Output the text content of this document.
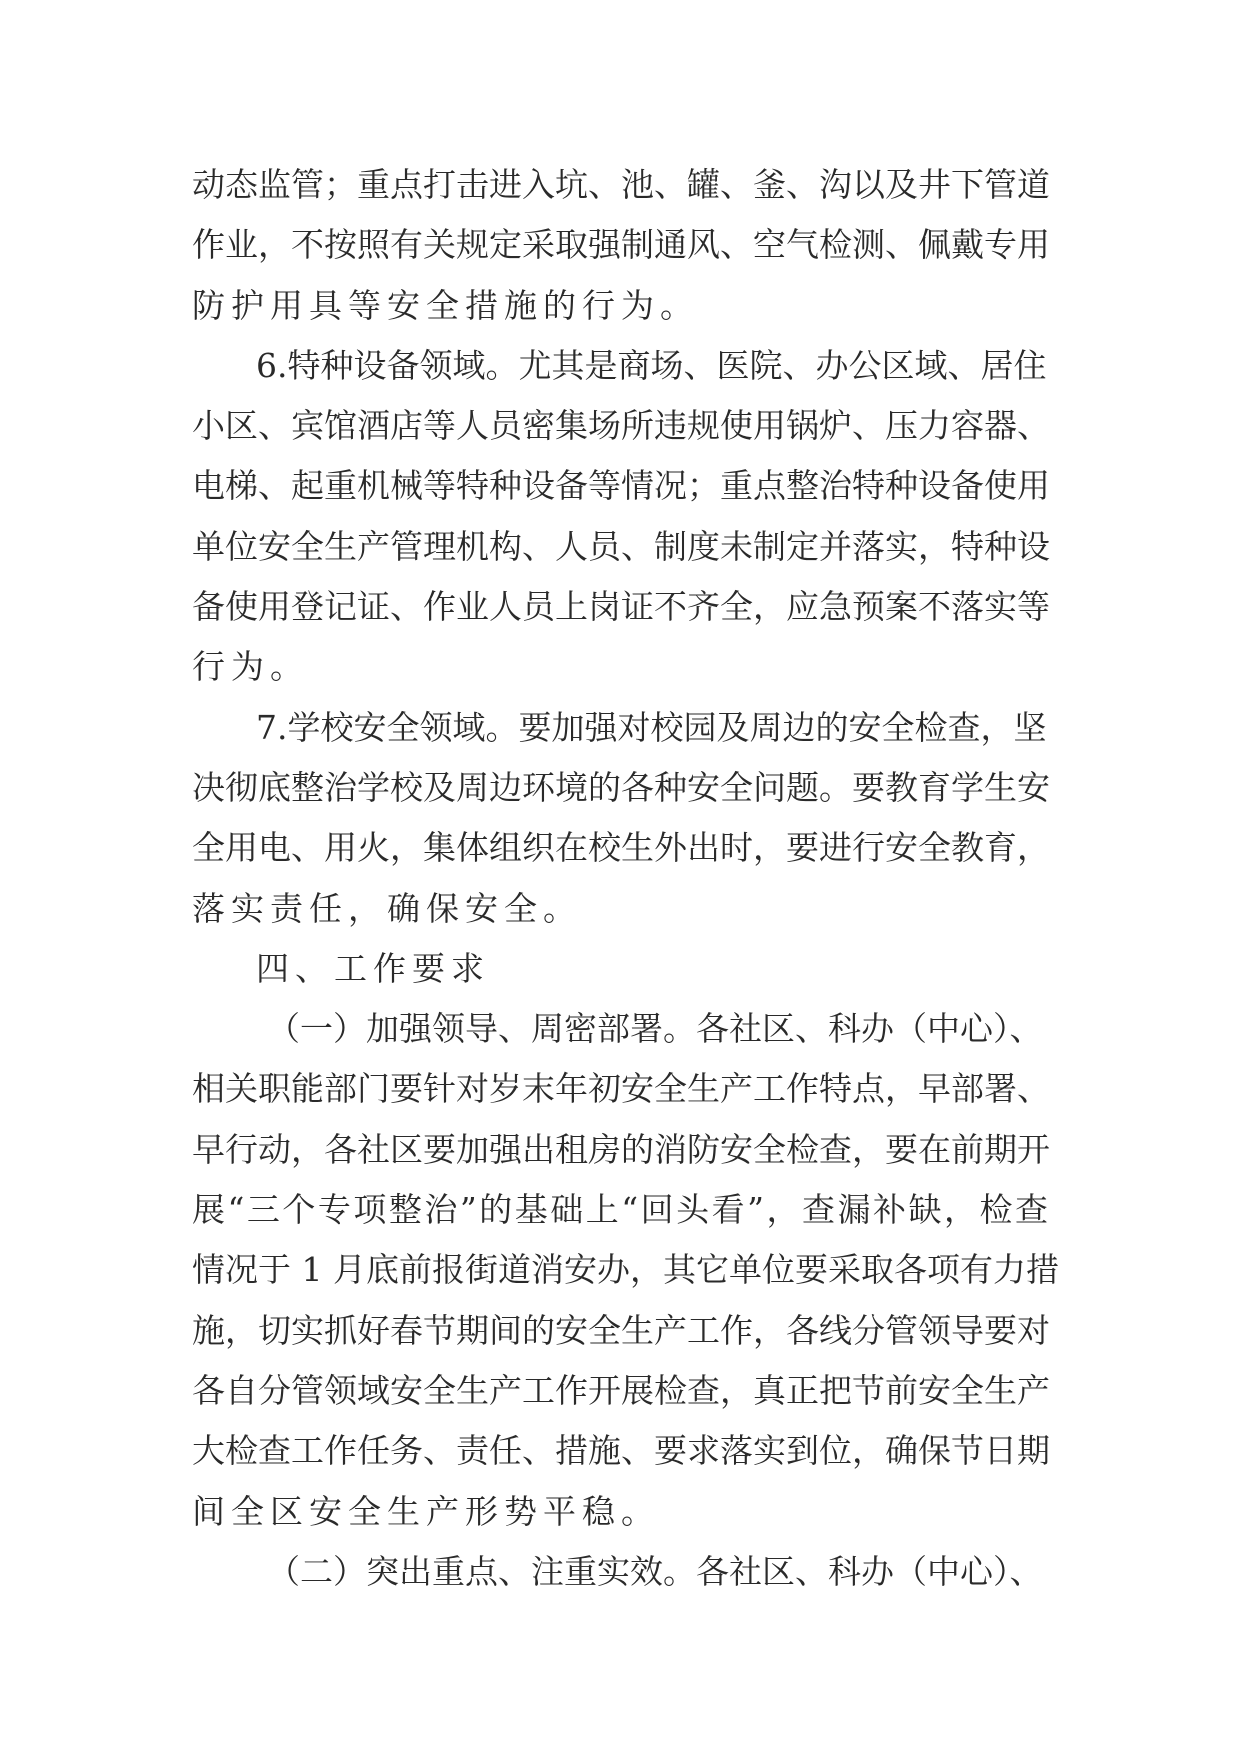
动态监管；重点打击进入坑、池、罐、釜、沟以及井下管道
作业，不按照有关规定采取强制通风、空气检测、佩戴专用
防护用具等安全措施的行为。
6.特种设备领域。尤其是商场、医院、办公区域、居住
小区、宾馆酒店等人员密集场所违规使用锅炉、压力容器、
电梯、起重机械等特种设备等情况；重点整治特种设备使用
单位安全生产管理机构、人员、制度未制定并落实，特种设
备使用登记证、作业人员上岗证不齐全，应急预案不落实等
行为。
7.学校安全领域。要加强对校园及周边的安全检查，坚
决彻底整治学校及周边环境的各种安全问题。要教育学生安
全用电、用火，集体组织在校生外出时，要进行安全教育，
落实责任，确保安全。
四、工作要求
（一）加强领导、周密部署。各社区、科办（中心）、
相关职能部门要针对岁末年初安全生产工作特点，早部署、
早行动，各社区要加强出租房的消防安全检查，要在前期开
展“三个专项整治”的基础上“回头看”，查漏补缺，检查
情况于 1 月底前报街道消安办，其它单位要采取各项有力措
施，切实抓好春节期间的安全生产工作，各线分管领导要对
各自分管领域安全生产工作开展检查，真正把节前安全生产
大检查工作任务、责任、措施、要求落实到位，确保节日期
间全区安全生产形势平稳。
（二）突出重点、注重实效。各社区、科办（中心）、
